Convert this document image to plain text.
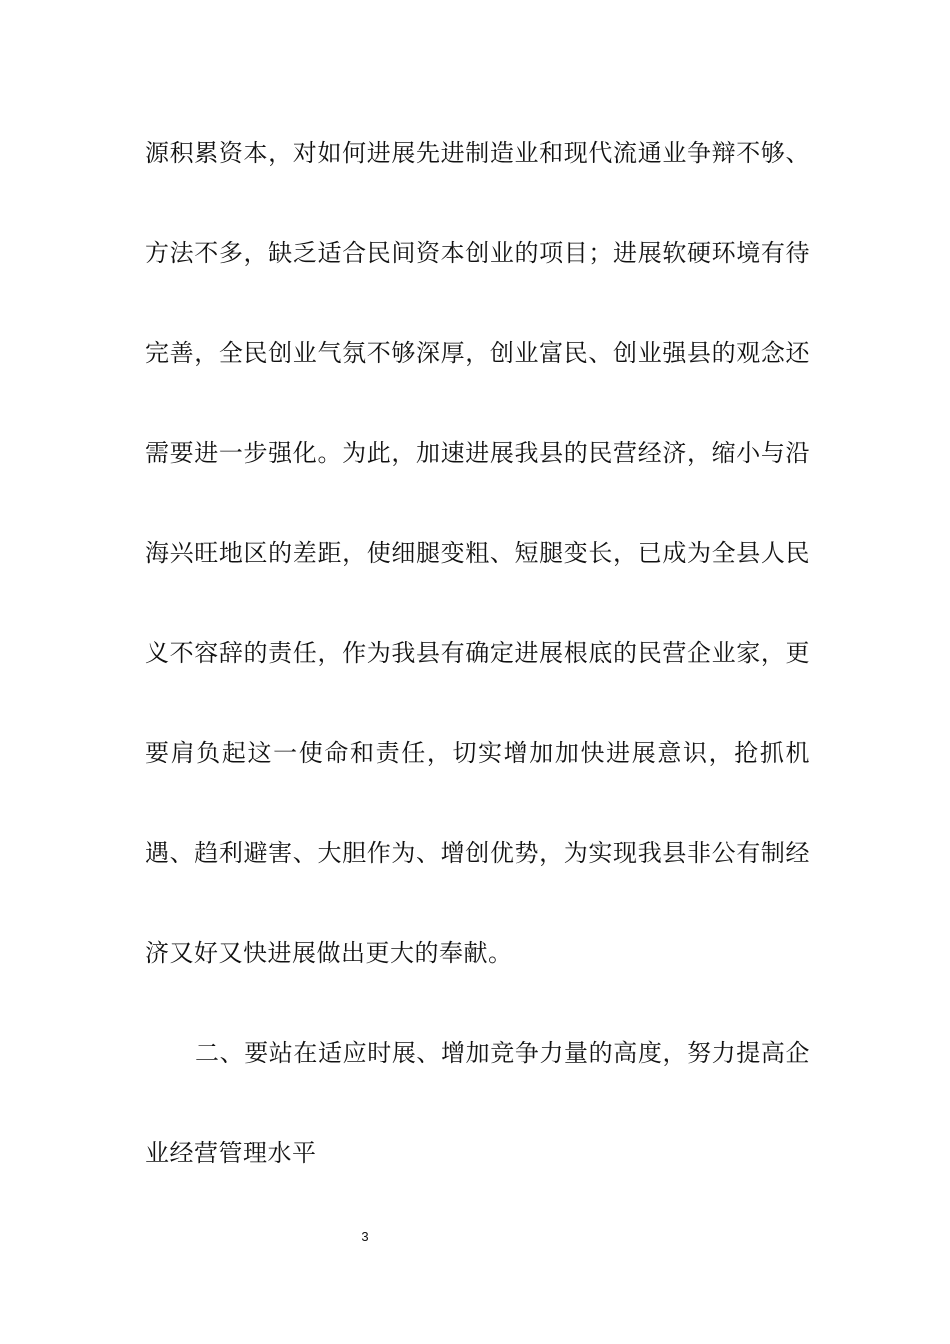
源积累资本，对如何进展先进制造业和现代流通业争辩不够、
方法不多，缺乏适合民间资本创业的项目；进展软硬环境有待
完善，全民创业气氛不够深厚，创业富民、创业强县的观念还
需要进一步强化。为此，加速进展我县的民营经济，缩小与沿
海兴旺地区的差距，使细腿变粗、短腿变长，已成为全县人民
义不容辞的责任，作为我县有确定进展根底的民营企业家，更
要肩负起这一使命和责任，切实增加加快进展意识，抢抓机
遇、趋利避害、大胆作为、增创优势，为实现我县非公有制经
济又好又快进展做出更大的奉献。
二、要站在适应时展、增加竞争力量的高度，努力提高企
业经营管理水平
3
